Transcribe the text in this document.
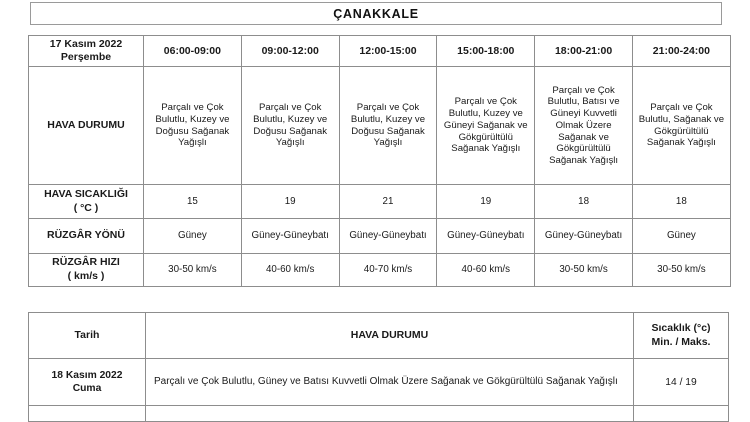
ÇANAKKALE
17 Kasım 2022
Perşembe	06:00-09:00	09:00-12:00	12:00-15:00	15:00-18:00	18:00-21:00	21:00-24:00
HAVA DURUMU	Parçalı ve Çok Bulutlu, Kuzey ve Doğusu Sağanak Yağışlı	Parçalı ve Çok Bulutlu, Kuzey ve Doğusu Sağanak Yağışlı	Parçalı ve Çok Bulutlu, Kuzey ve Doğusu Sağanak Yağışlı	Parçalı ve Çok Bulutlu, Kuzey ve Güneyi Sağanak ve Gökgürültülü Sağanak Yağışlı	Parçalı ve Çok Bulutlu, Batısı ve Güneyi Kuvvetli Olmak Üzere Sağanak ve Gökgürültülü Sağanak Yağışlı	Parçalı ve Çok Bulutlu, Sağanak ve Gökgürültülü Sağanak Yağışlı

HAVA SICAKLIĞI
( °C )	15	19	21	19	18	18
RÜZGÂR YÖNÜ	Güney	Güney-Güneybatı	Güney-Güneybatı	Güney-Güneybatı	Güney-Güneybatı	Güney

RÜZGÂR HIZI
( km/s )	30-50 km/s	40-60 km/s	40-70 km/s	40-60 km/s	30-50 km/s	30-50 km/s
Tarih	HAVA DURUMU	Sıcaklık (°c)
Min. / Maks.

18 Kasım 2022
Cuma	Parçalı ve Çok Bulutlu, Güney ve Batısı Kuvvetli Olmak Üzere Sağanak ve Gökgürültülü Sağanak Yağışlı	14 / 19
